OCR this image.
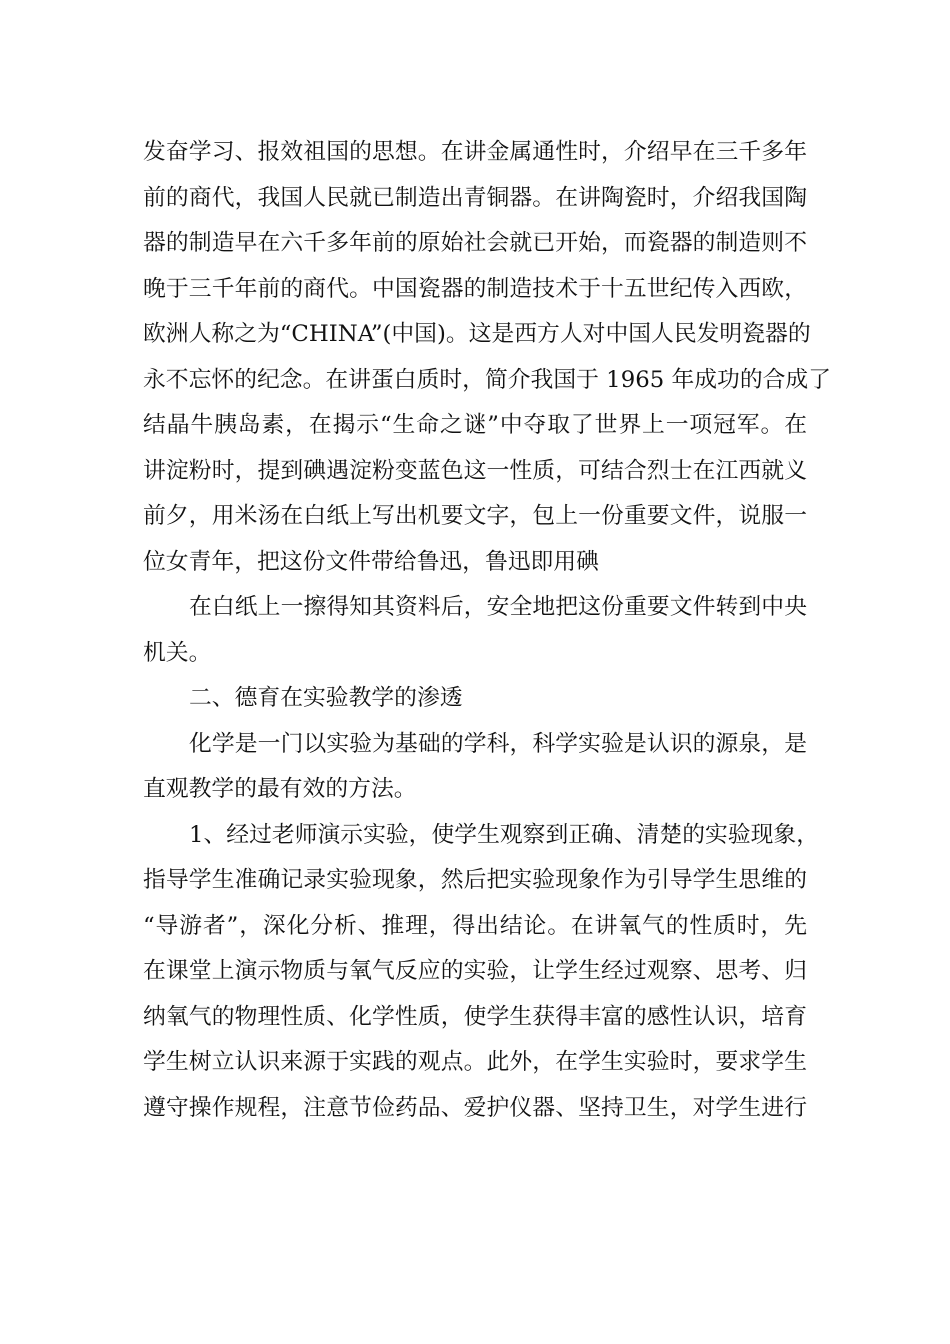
发奋学习、报效祖国的思想。在讲金属通性时，介绍早在三千多年
前的商代，我国人民就已制造出青铜器。在讲陶瓷时，介绍我国陶
器的制造早在六千多年前的原始社会就已开始，而瓷器的制造则不
晚于三千年前的商代。中国瓷器的制造技术于十五世纪传入西欧，
欧洲人称之为“CHINA”(中国)。这是西方人对中国人民发明瓷器的
永不忘怀的纪念。在讲蛋白质时，简介我国于 1965 年成功的合成了
结晶牛胰岛素，在揭示“生命之谜”中夺取了世界上一项冠军。在
讲淀粉时，提到碘遇淀粉变蓝色这一性质，可结合烈士在江西就义
前夕，用米汤在白纸上写出机要文字，包上一份重要文件，说服一
位女青年，把这份文件带给鲁迅，鲁迅即用碘
在白纸上一擦得知其资料后，安全地把这份重要文件转到中央
机关。
二、德育在实验教学的渗透
化学是一门以实验为基础的学科，科学实验是认识的源泉，是
直观教学的最有效的方法。
1、经过老师演示实验，使学生观察到正确、清楚的实验现象，
指导学生准确记录实验现象，然后把实验现象作为引导学生思维的
“导游者”，深化分析、推理，得出结论。在讲氧气的性质时，先
在课堂上演示物质与氧气反应的实验，让学生经过观察、思考、归
纳氧气的物理性质、化学性质，使学生获得丰富的感性认识，培育
学生树立认识来源于实践的观点。此外，在学生实验时，要求学生
遵守操作规程，注意节俭药品、爱护仪器、坚持卫生，对学生进行
